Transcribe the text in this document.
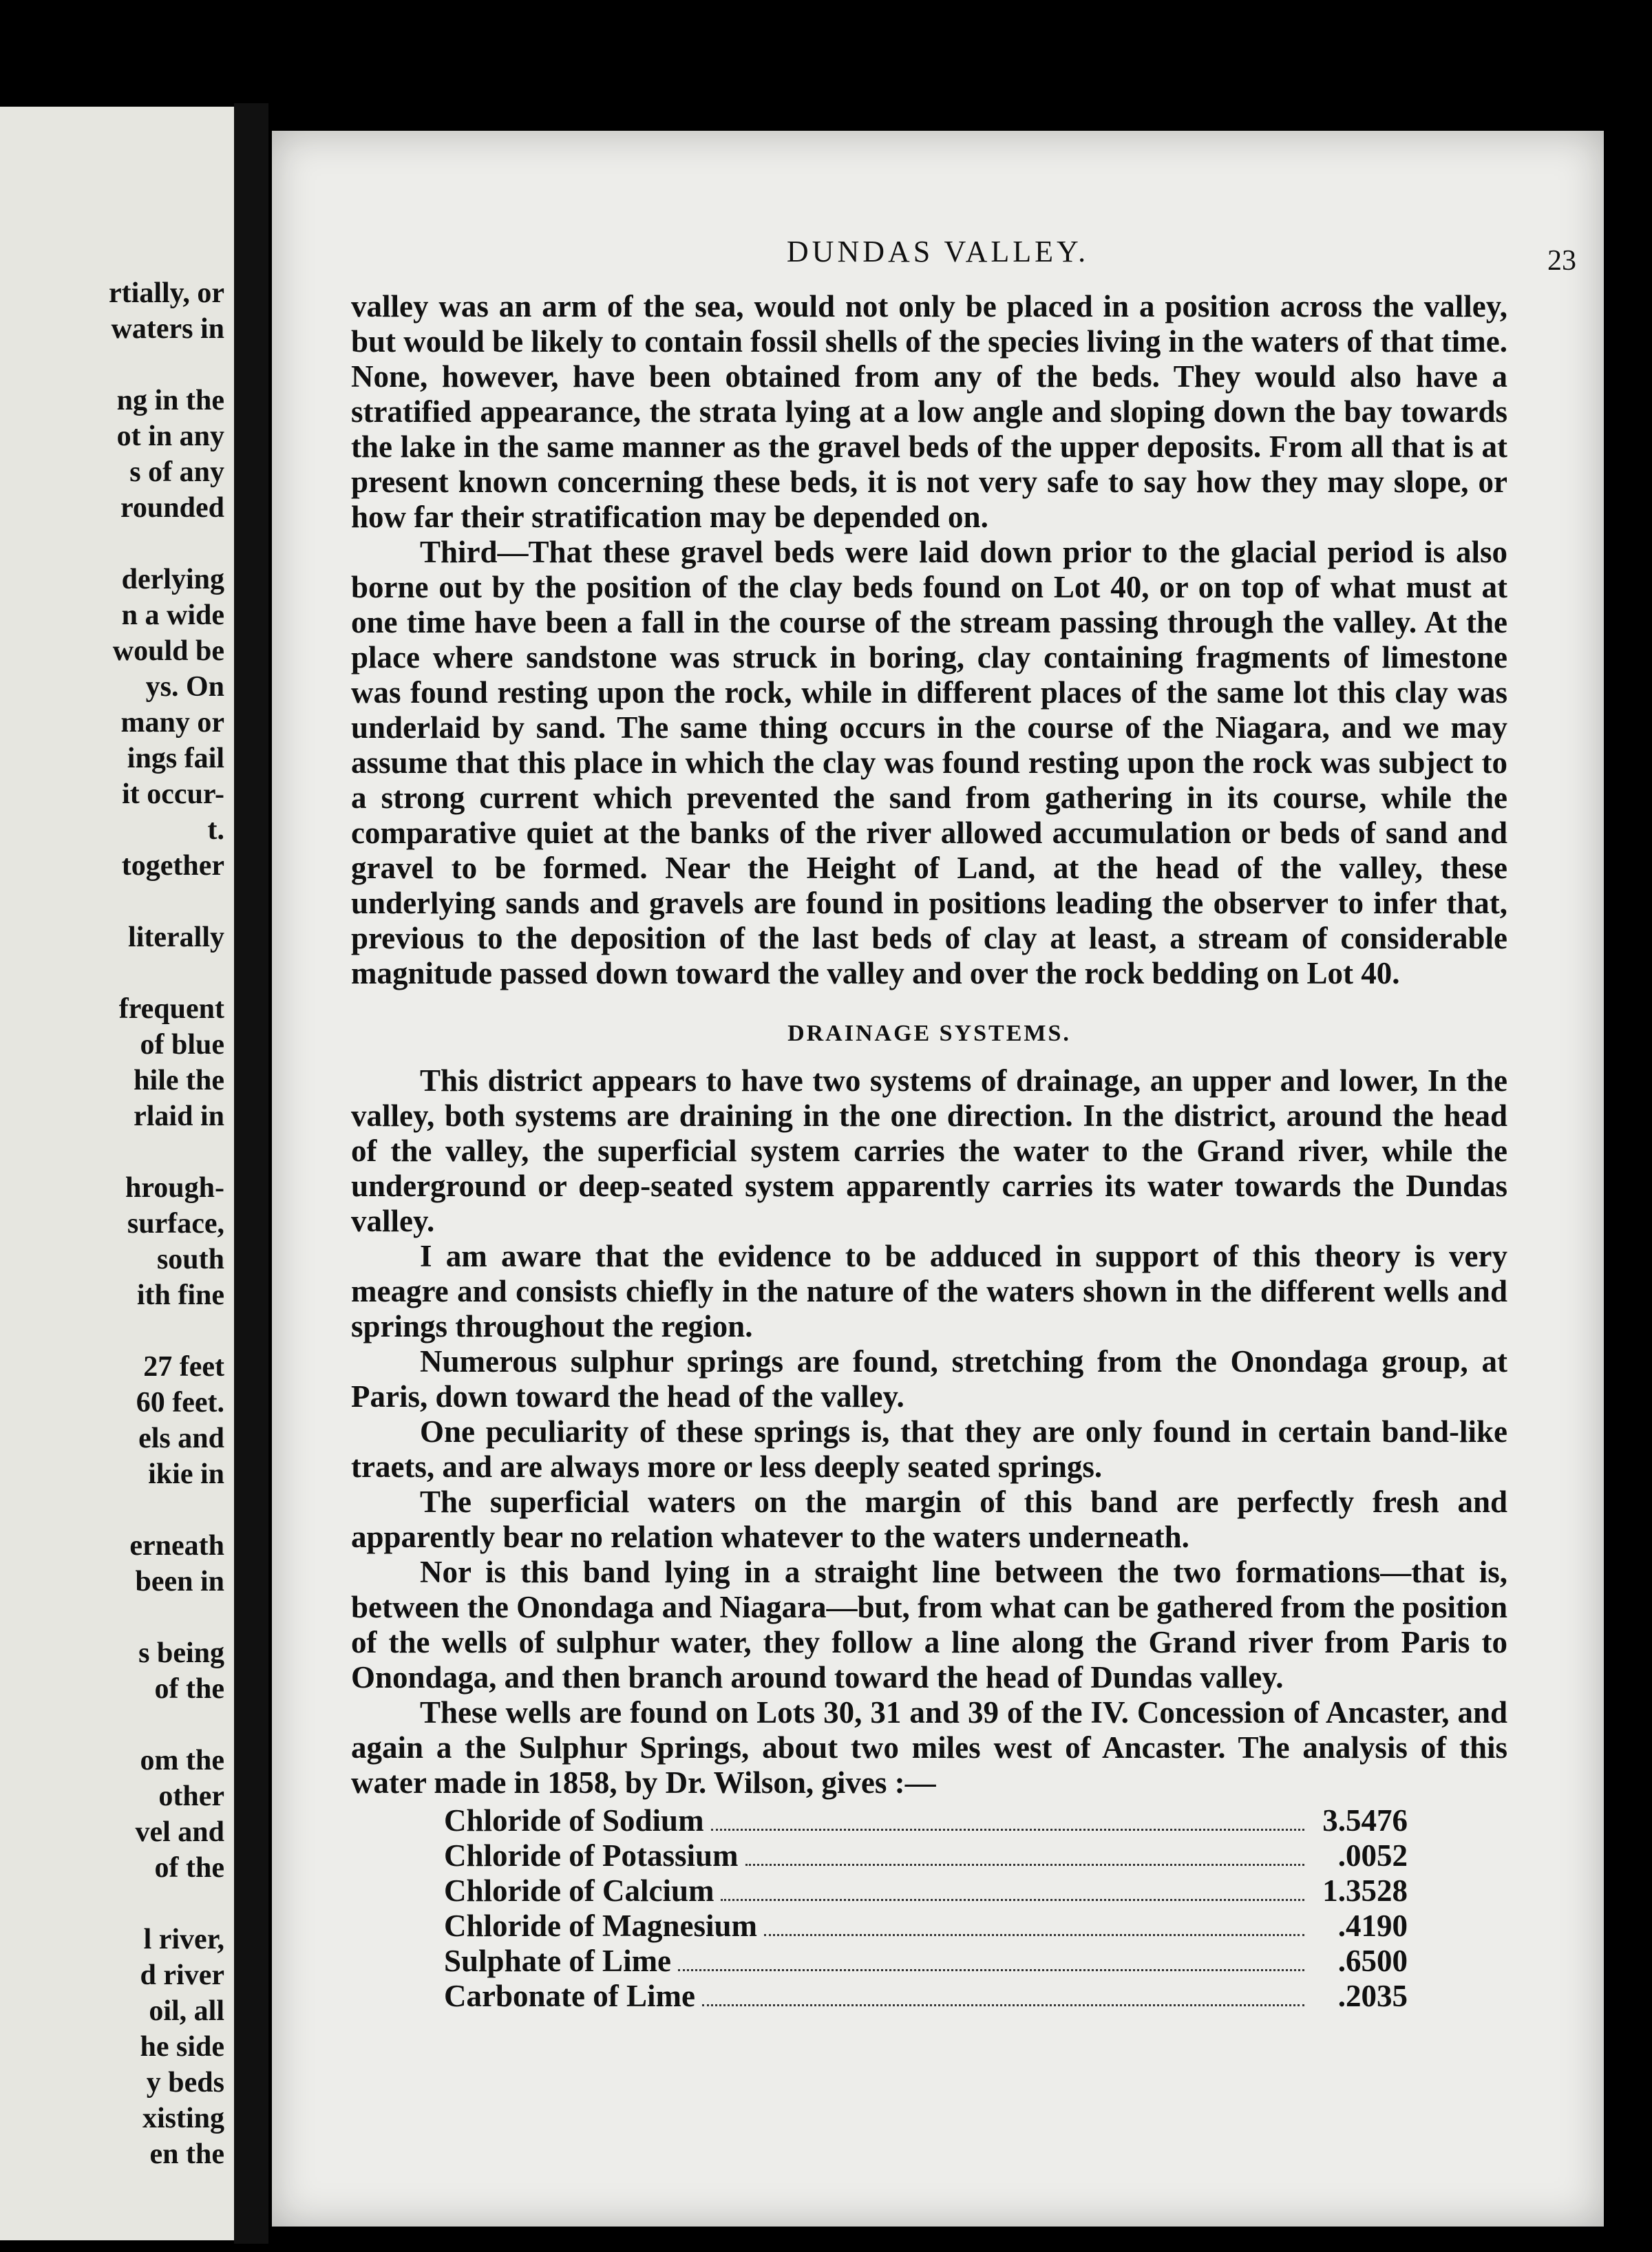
rtially, or
waters in
ng in the
ot in any
s of any
rounded
derlying
n a wide
would be
ys. On
many or
ings fail
it occur-
t.
together
literally
frequent
of blue
hile the
rlaid in
hrough-
surface,
south
ith fine
27 feet
60 feet.
els and
ikie in
erneath
been in
s being
of the
om the
other
vel and
of the
l river,
d river
oil, all
he side
y beds
xisting
en the
DUNDAS VALLEY.	23

valley was an arm of the sea, would not only be placed in a position across the valley, but would be likely to contain fossil shells of the species living in the waters of that time. None, however, have been obtained from any of the beds. They would also have a stratified appearance, the strata lying at a low angle and sloping down the bay towards the lake in the same manner as the gravel beds of the upper deposits. From all that is at present known concerning these beds, it is not very safe to say how they may slope, or how far their stratification may be depended on.

Third—That these gravel beds were laid down prior to the glacial period is also borne out by the position of the clay beds found on Lot 40, or on top of what must at one time have been a fall in the course of the stream passing through the valley. At the place where sandstone was struck in boring, clay containing fragments of limestone was found resting upon the rock, while in different places of the same lot this clay was underlaid by sand. The same thing occurs in the course of the Niagara, and we may assume that this place in which the clay was found resting upon the rock was subject to a strong current which prevented the sand from gathering in its course, while the comparative quiet at the banks of the river allowed accumulation or beds of sand and gravel to be formed. Near the Height of Land, at the head of the valley, these underlying sands and gravels are found in positions leading the observer to infer that, previous to the deposition of the last beds of clay at least, a stream of considerable magnitude passed down toward the valley and over the rock bedding on Lot 40.

DRAINAGE SYSTEMS.

This district appears to have two systems of drainage, an upper and lower, In the valley, both systems are draining in the one direction. In the district, around the head of the valley, the superficial system carries the water to the Grand river, while the underground or deep-seated system apparently carries its water towards the Dundas valley.

I am aware that the evidence to be adduced in support of this theory is very meagre and consists chiefly in the nature of the waters shown in the different wells and springs throughout the region.

Numerous sulphur springs are found, stretching from the Onondaga group, at Paris, down toward the head of the valley.

One peculiarity of these springs is, that they are only found in certain band-like traets, and are always more or less deeply seated springs.

The superficial waters on the margin of this band are perfectly fresh and apparently bear no relation whatever to the waters underneath.

Nor is this band lying in a straight line between the two formations—that is, between the Onondaga and Niagara—but, from what can be gathered from the position of the wells of sulphur water, they follow a line along the Grand river from Paris to Onondaga, and then branch around toward the head of Dundas valley.

These wells are found on Lots 30, 31 and 39 of the IV. Concession of Ancaster, and again a the Sulphur Springs, about two miles west of Ancaster. The analysis of this water made in 1858, by Dr. Wilson, gives :—

Chloride of Sodium	3.5476
Chloride of Potassium	.0052
Chloride of Calcium	1.3528
Chloride of Magnesium	.4190
Sulphate of Lime	.6500
Carbonate of Lime	.2035
